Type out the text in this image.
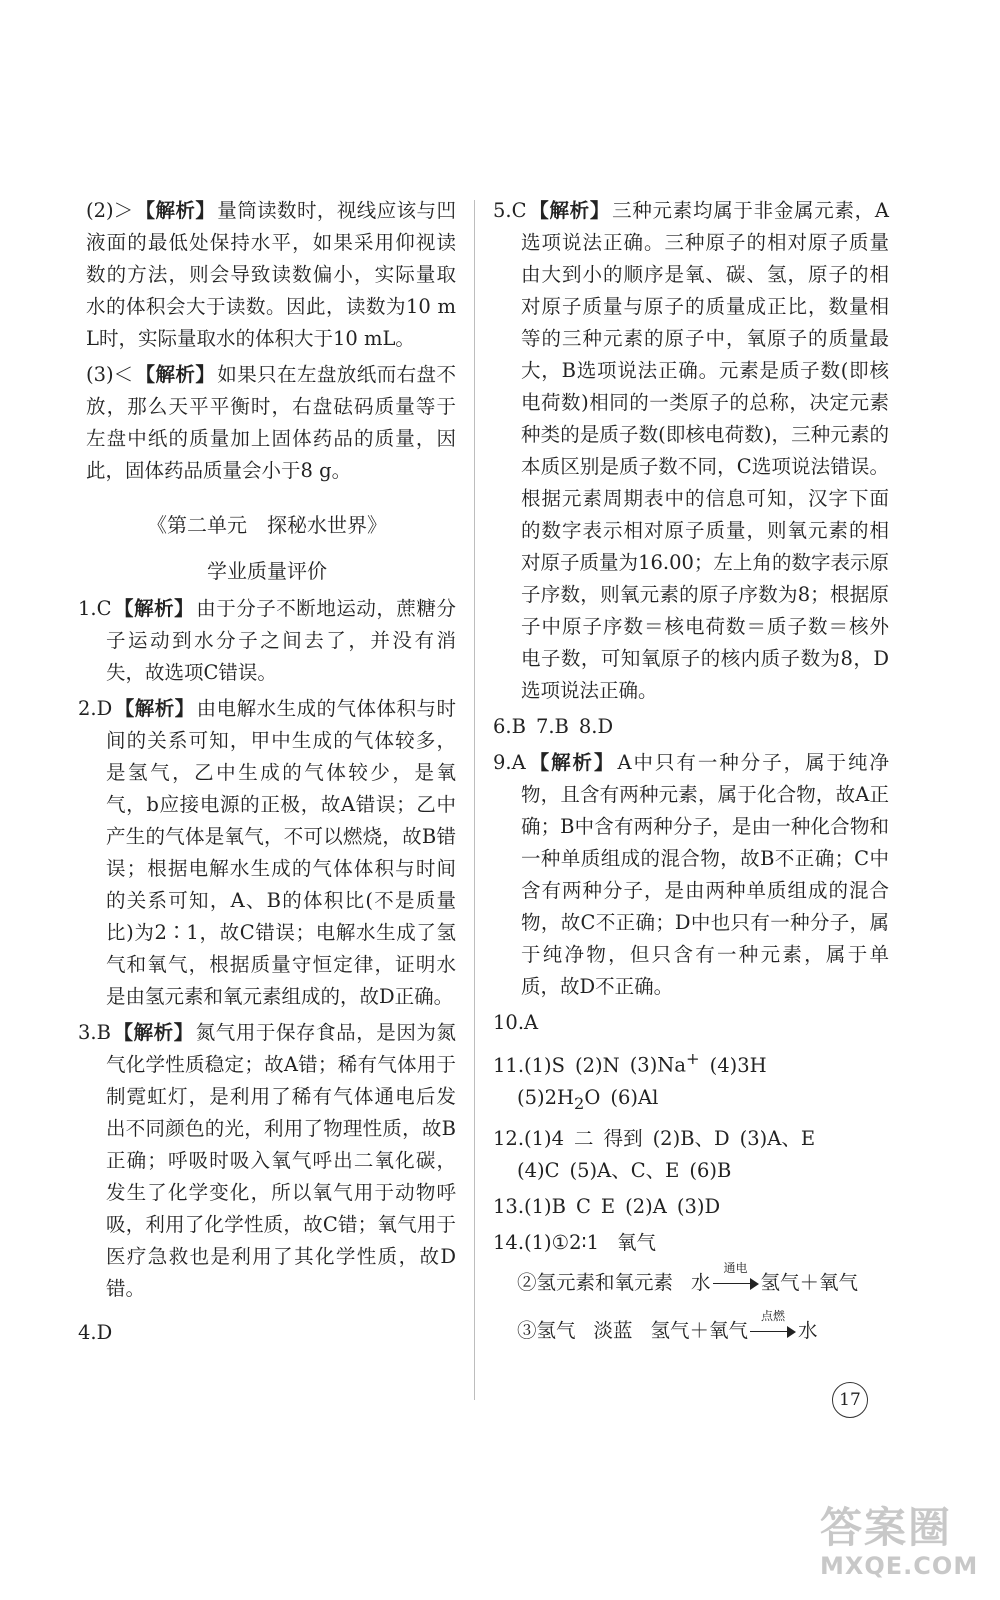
(2)＞ 【 解析 】 量筒读数时，视线应该与凹液面的最低处保持水平，如果采用仰视读数的方法，则会导致读数偏小，实际量取水的体积会大于读数。因此，读数为10 mL时，实际量取水的体积大于10 mL。

(3)＜ 【 解析 】 如果只在左盘放纸而右盘不放，那么天平平衡时，右盘砝码质量等于左盘中纸的质量加上固体药品的质量，因此，固体药品质量会小于8 g。

《第二单元　探秘水世界》

学业质量评价

1.C 【 解析 】 由于分子不断地运动，蔗糖分子运动到水分子之间去了，并没有消失，故选项C错误。

2.D 【 解析 】 由电解水生成的气体体积与时间的关系可知，甲中生成的气体较多，是氢气，乙中生成的气体较少，是氧气，b应接电源的正极，故A错误；乙中产生的气体是氧气，不可以燃烧，故B错误；根据电解水生成的气体体积与时间的关系可知，A、B的体积比(不是质量比)为2∶1，故C错误；电解水生成了氢气和氧气，根据质量守恒定律，证明水是由氢元素和氧元素组成的，故D正确。

3.B 【 解析 】 氮气用于保存食品，是因为氮气化学性质稳定；故A错；稀有气体用于制霓虹灯，是利用了稀有气体通电后发出不同颜色的光，利用了物理性质，故B正确；呼吸时吸入氧气呼出二氧化碳，发生了化学变化，所以氧气用于动物呼吸，利用了化学性质，故C错；氧气用于医疗急救也是利用了其化学性质，故D错。

4.D

5.C 【 解析 】 三种元素均属于非金属元素，A选项说法正确。三种原子的相对原子质量由大到小的顺序是氧、碳、氢，原子的相对原子质量与原子的质量成正比，数量相等的三种元素的原子中，氧原子的质量最大，B选项说法正确。元素是质子数(即核电荷数)相同的一类原子的总称，决定元素种类的是质子数(即核电荷数)，三种元素的本质区别是质子数不同，C选项说法错误。根据元素周期表中的信息可知，汉字下面的数字表示相对原子质量，则氧元素的相对原子质量为16.00；左上角的数字表示原子序数，则氧元素的原子序数为8；根据原子中原子序数＝核电荷数＝质子数＝核外电子数，可知氧原子的核内质子数为8，D选项说法正确。

6.B 7.B 8.D

9.A 【 解析 】 A中只有一种分子，属于纯净物，且含有两种元素，属于化合物，故A正确；B中含有两种分子，是由一种化合物和一种单质组成的混合物，故B不正确；C中含有两种分子，是由两种单质组成的混合物，故C不正确；D中也只有一种分子，属于纯净物，但只含有一种元素，属于单质，故D不正确。

10.A

11.(1)S (2)N (3)Na+ (4)3H

$(5)2H_2O$ (6)Al

12.(1)4 二 得到 (2)B、D (3)A、E

(4)C (5)A、C、E (6)B

13.(1)B C E (2)A (3)D

14.(1)①2∶1 氧气

②氢元素和氧元素 水
通电
氢气＋氧气
③氢气 淡蓝 氢气＋氧气
点燃
水
17
答案圈
MXQE.COM
